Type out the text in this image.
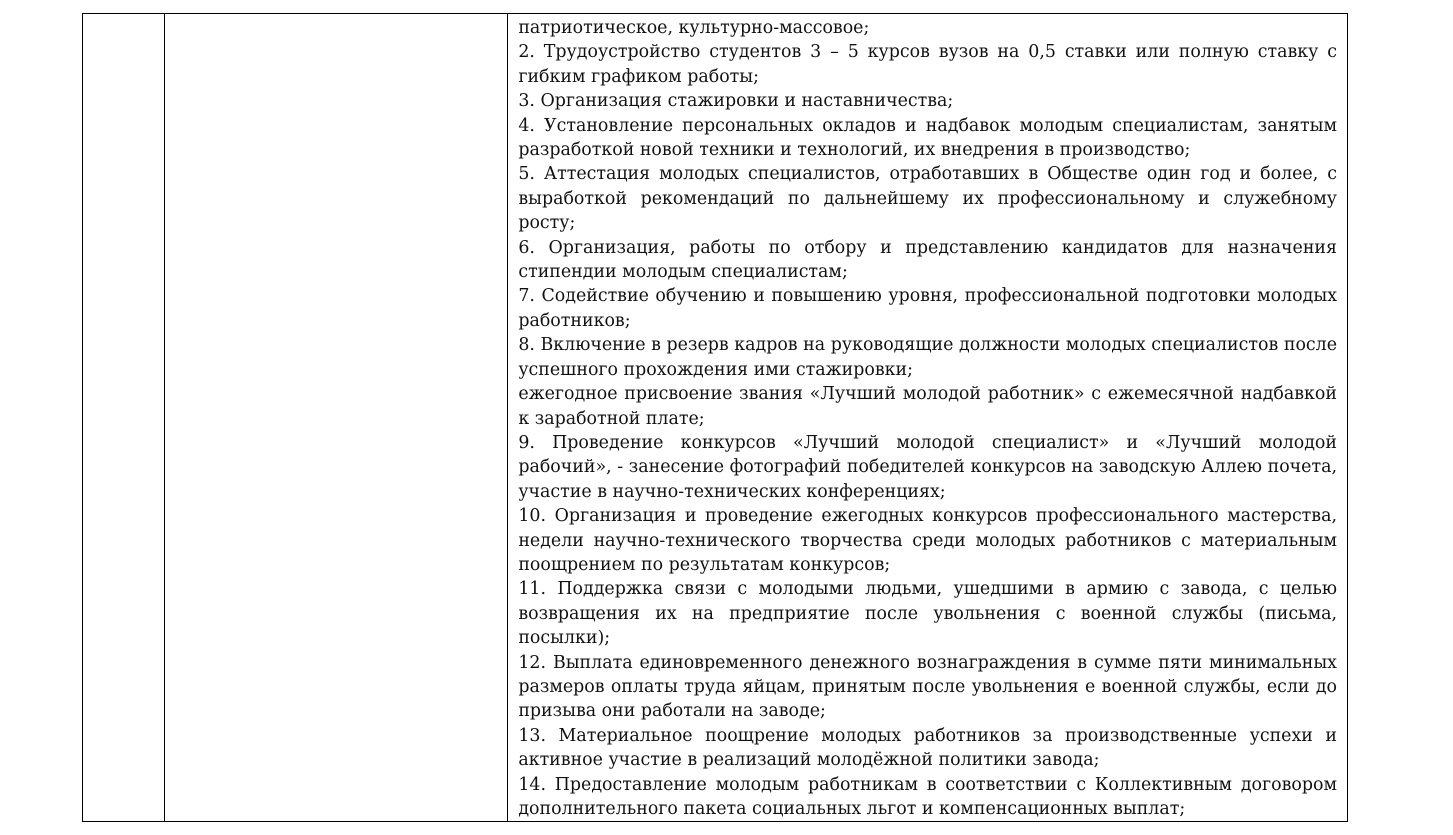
патриотическое, культурно-массовое;

2. Трудоустройство студентов 3 – 5 курсов вузов на 0,5 ставки или полную ставку с гибким графиком работы;

3. Организация стажировки и наставничества;

4. Установление персональных окладов и надбавок молодым специалистам, занятым разработкой новой техники и технологий, их внедрения в производство;

5. Аттестация молодых специалистов, отработавших в Обществе один год и более, с выработкой рекомендаций по дальнейшему их профессиональному и служебному росту;

6. Организация, работы по отбору и представлению кандидатов для назначения стипендии молодым специалистам;

7. Содействие обучению и повышению уровня, профессиональной подготовки молодых работников;

8. Включение в резерв кадров на руководящие должности молодых специалистов после успешного прохождения ими стажировки;

ежегодное присвоение звания «Лучший молодой работник» с ежемесячной надбавкой к заработной плате;

9. Проведение конкурсов «Лучший молодой специалист» и «Лучший молодой рабочий», - занесение фотографий победителей конкурсов на заводскую Аллею почета, участие в научно-технических конференциях;

10. Организация и проведение ежегодных конкурсов профессионального мастерства, недели научно-технического творчества среди молодых работников с материальным поощрением по результатам конкурсов;

11. Поддержка связи с молодыми людьми, ушедшими в армию с завода, с целью возвращения их на предприятие после увольнения с военной службы (письма, посылки);

12. Выплата единовременного денежного вознаграждения в сумме пяти минимальных размеров оплаты труда яйцам, принятым после увольнения е военной службы, если до призыва они работали на заводе;

13. Материальное поощрение молодых работников за производственные успехи и активное участие в реализаций молодёжной политики завода;

14. Предоставление молодым работникам в соответствии с Коллективным договором дополнительного пакета социальных льгот и компенсационных выплат;
